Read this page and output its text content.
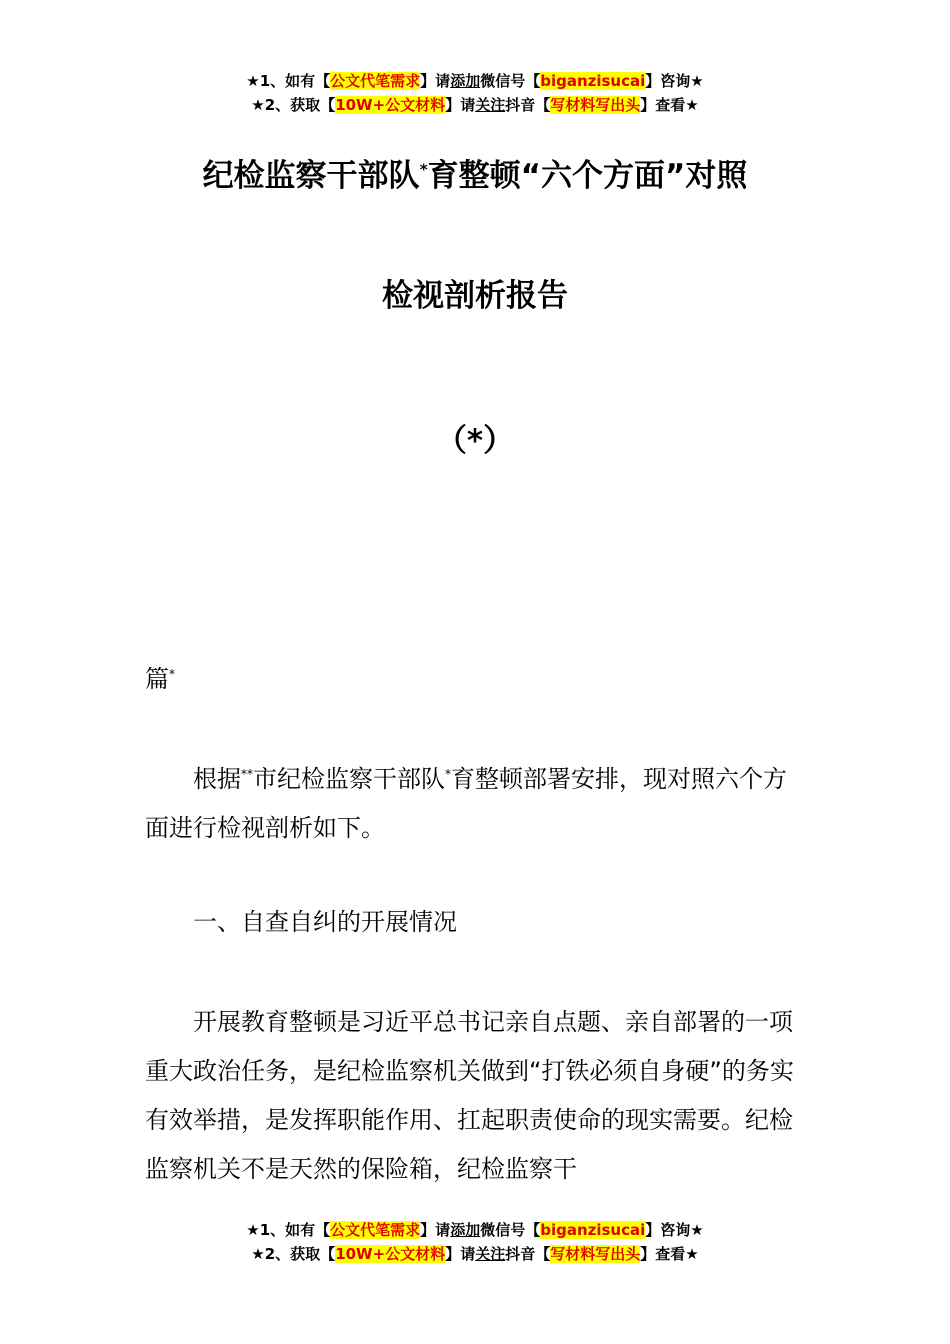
★1、如有【公文代笔需求】请添加微信号【biganzisucai】咨询★
★2、获取【10W+公文材料】请关注抖音【写材料写出头】查看★
纪检监察干部队*育整顿“六个方面”对照
检视剖析报告
（*）
篇*
根据**市纪检监察干部队*育整顿部署安排，现对照六个方面进行检视剖析如下。
一、自查自纠的开展情况
开展教育整顿是习近平总书记亲自点题、亲自部署的一项重大政治任务，是纪检监察机关做到“打铁必须自身硬”的务实有效举措，是发挥职能作用、扛起职责使命的现实需要。纪检监察机关不是天然的保险箱，纪检监察干
★1、如有【公文代笔需求】请添加微信号【biganzisucai】咨询★
★2、获取【10W+公文材料】请关注抖音【写材料写出头】查看★
